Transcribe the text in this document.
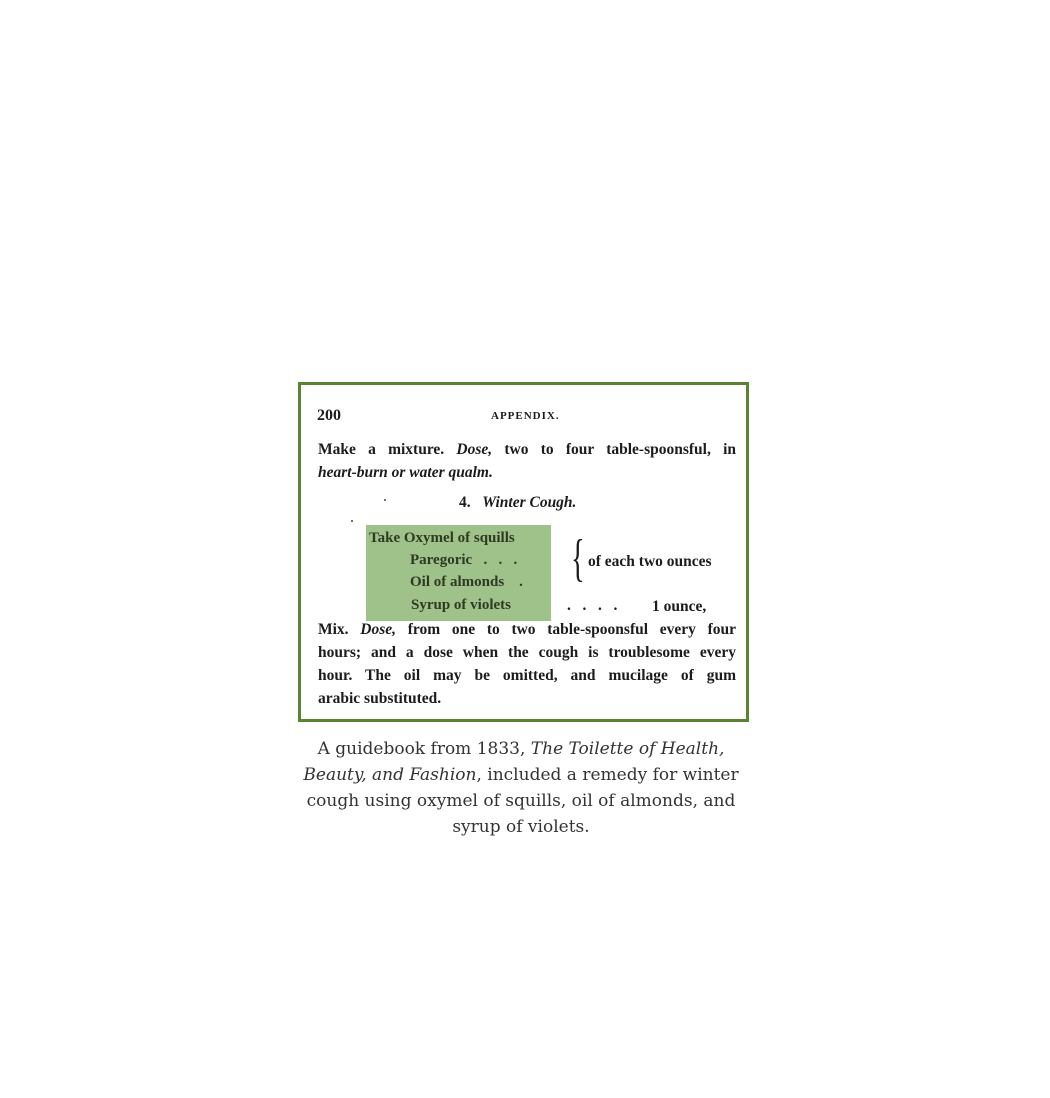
200	APPENDIX.
Make a mixture. Dose, two to four table-spoonsful, in
heart-burn or water qualm.
4. Winter Cough.
Take Oxymel of squills
Paregoric   .   .   .
Oil of almonds    .
Syrup of violets
{ of each two ounces
.   .   .   . 1 ounce,
Mix. Dose, from one to two table-spoonsful every four
hours; and a dose when the cough is troublesome every
hour. The oil may be omitted, and mucilage of gum
arabic substituted.
A guidebook from 1833, The Toilette of Health, Beauty, and Fashion, included a remedy for winter cough using oxymel of squills, oil of almonds, and syrup of violets.
